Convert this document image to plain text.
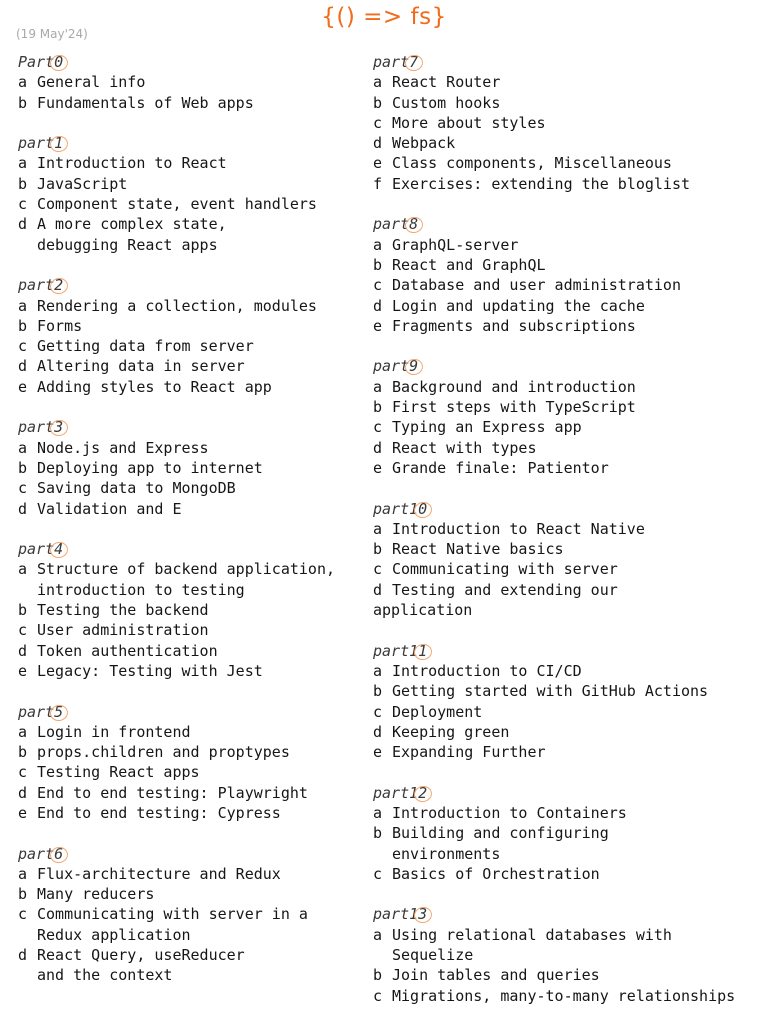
{() => fs}
(19 May'24)
Part0
a General info
b Fundamentals of Web apps
part1
a Introduction to React
b JavaScript
c Component state, event handlers
d A more complex state,
debugging React apps
part2
a Rendering a collection, modules
b Forms
c Getting data from server
d Altering data in server
e Adding styles to React app
part3
a Node.js and Express
b Deploying app to internet
c Saving data to MongoDB
d Validation and E
part4
a Structure of backend application,
introduction to testing
b Testing the backend
c User administration
d Token authentication
e Legacy: Testing with Jest
part5
a Login in frontend
b props.children and proptypes
c Testing React apps
d End to end testing: Playwright
e End to end testing: Cypress
part6
a Flux-architecture and Redux
b Many reducers
c Communicating with server in a
Redux application
d React Query, useReducer
and the context
part7
a React Router
b Custom hooks
c More about styles
d Webpack
e Class components, Miscellaneous
f Exercises: extending the bloglist
part8
a GraphQL-server
b React and GraphQL
c Database and user administration
d Login and updating the cache
e Fragments and subscriptions
part9
a Background and introduction
b First steps with TypeScript
c Typing an Express app
d React with types
e Grande finale: Patientor
part10
a Introduction to React Native
b React Native basics
c Communicating with server
d Testing and extending our
application
part11
a Introduction to CI/CD
b Getting started with GitHub Actions
c Deployment
d Keeping green
e Expanding Further
part12
a Introduction to Containers
b Building and configuring
environments
c Basics of Orchestration
part13
a Using relational databases with
Sequelize
b Join tables and queries
c Migrations, many-to-many relationships
